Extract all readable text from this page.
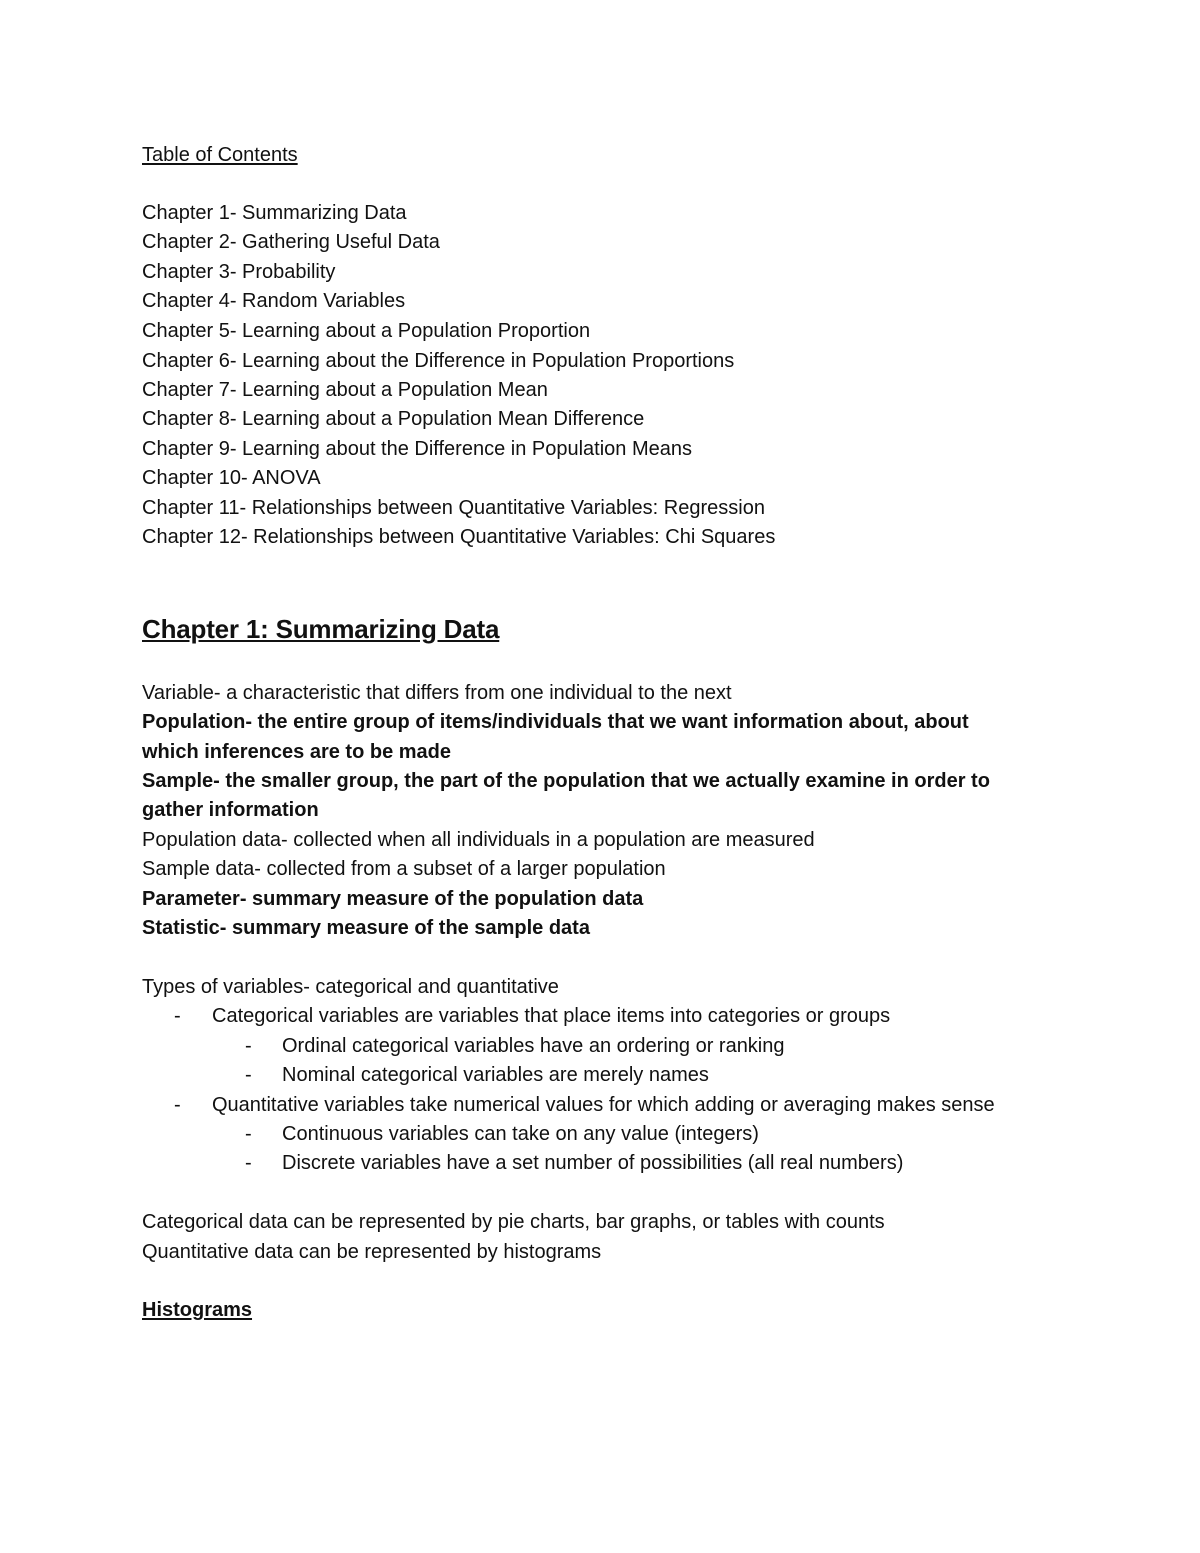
Table of Contents
Chapter 1- Summarizing Data
Chapter 2- Gathering Useful Data
Chapter 3- Probability
Chapter 4- Random Variables
Chapter 5- Learning about a Population Proportion
Chapter 6- Learning about the Difference in Population Proportions
Chapter 7- Learning about a Population Mean
Chapter 8- Learning about a Population Mean Difference
Chapter 9- Learning about the Difference in Population Means
Chapter 10- ANOVA
Chapter 11- Relationships between Quantitative Variables: Regression
Chapter 12- Relationships between Quantitative Variables: Chi Squares
Chapter 1: Summarizing Data
Variable- a characteristic that differs from one individual to the next
Population- the entire group of items/individuals that we want information about, about
which inferences are to be made
Sample- the smaller group, the part of the population that we actually examine in order to
gather information
Population data- collected when all individuals in a population are measured
Sample data- collected from a subset of a larger population
Parameter- summary measure of the population data
Statistic- summary measure of the sample data
Types of variables- categorical and quantitative
- Categorical variables are variables that place items into categories or groups
- Ordinal categorical variables have an ordering or ranking
- Nominal categorical variables are merely names
- Quantitative variables take numerical values for which adding or averaging makes sense
- Continuous variables can take on any value (integers)
- Discrete variables have a set number of possibilities (all real numbers)
Categorical data can be represented by pie charts, bar graphs, or tables with counts
Quantitative data can be represented by histograms
Histograms
